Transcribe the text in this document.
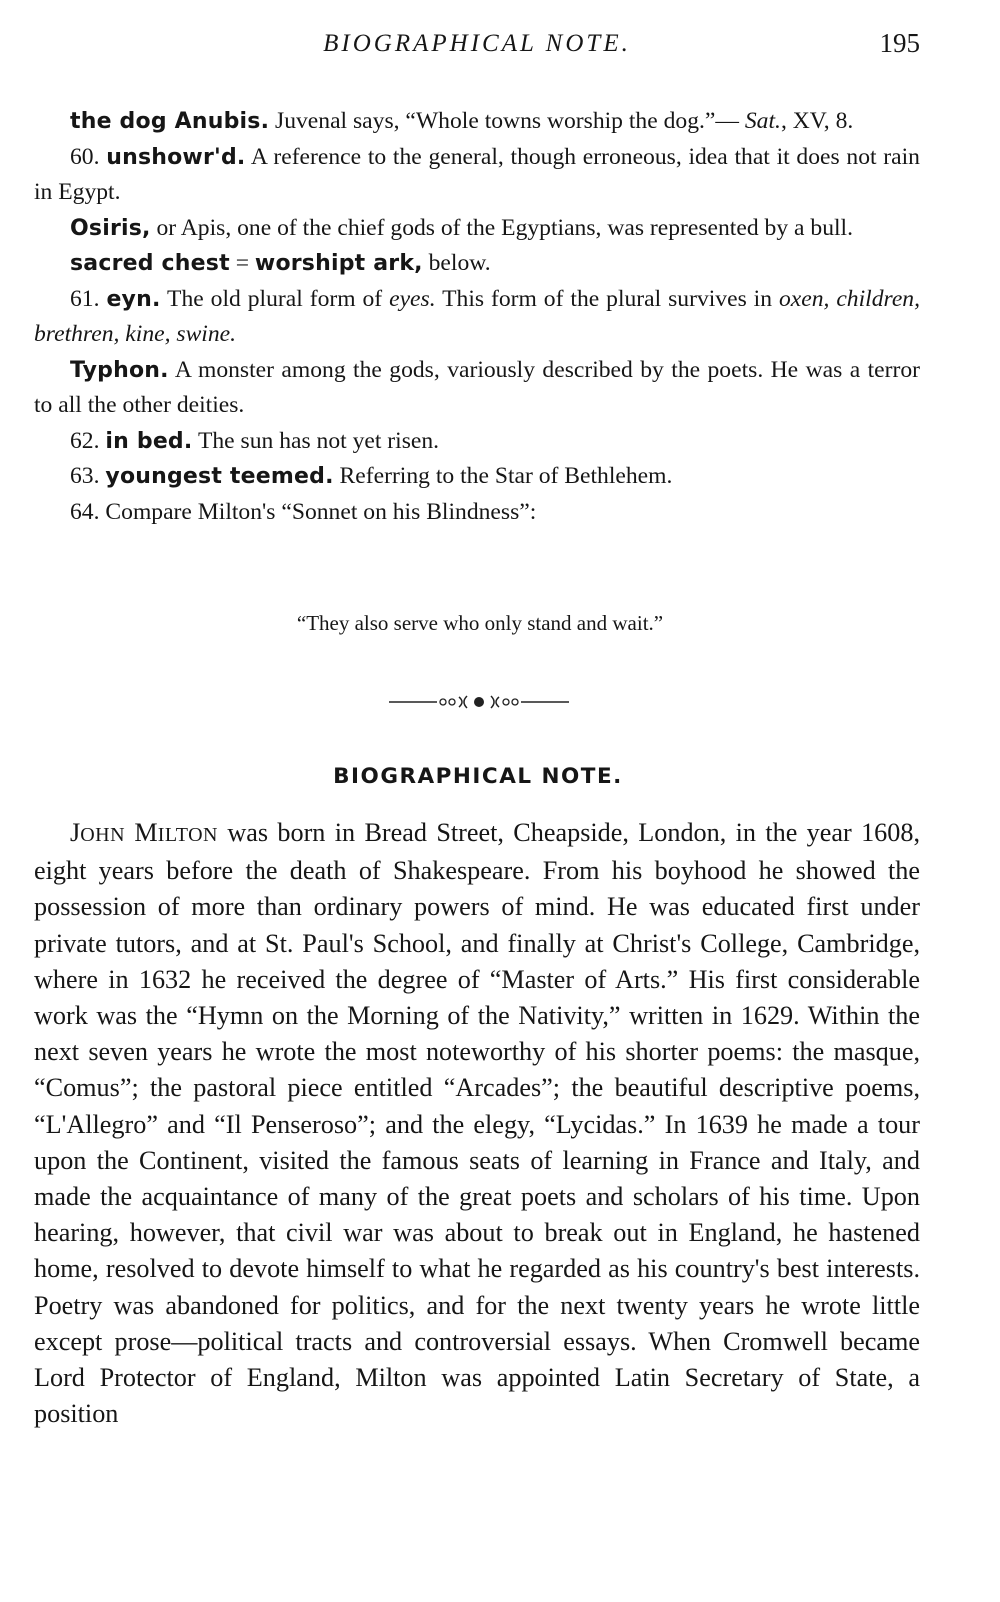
BIOGRAPHICAL NOTE.	195
the dog Anubis. Juvenal says, “Whole towns worship the dog.”— Sat., XV, 8.
60. unshowr'd. A reference to the general, though erroneous, idea that it does not rain in Egypt.
Osiris, or Apis, one of the chief gods of the Egyptians, was represented by a bull.
sacred chest = worshipt ark, below.
61. eyn. The old plural form of eyes. This form of the plural survives in oxen, children, brethren, kine, swine.
Typhon. A monster among the gods, variously described by the poets. He was a terror to all the other deities.
62. in bed. The sun has not yet risen.
63. youngest teemed. Referring to the Star of Bethlehem.
64. Compare Milton's “Sonnet on his Blindness”:
“They also serve who only stand and wait.”
BIOGRAPHICAL NOTE.
JOHN MILTON was born in Bread Street, Cheapside, London, in the year 1608, eight years before the death of Shakespeare. From his boyhood he showed the possession of more than ordinary powers of mind. He was educated first under private tutors, and at St. Paul's School, and finally at Christ's College, Cambridge, where in 1632 he received the degree of “Master of Arts.” His first considerable work was the “Hymn on the Morning of the Nativity,” written in 1629. Within the next seven years he wrote the most noteworthy of his shorter poems: the masque, “Comus”; the pastoral piece entitled “Arcades”; the beautiful descriptive poems, “L'Allegro” and “Il Penseroso”; and the elegy, “Lycidas.” In 1639 he made a tour upon the Continent, visited the famous seats of learning in France and Italy, and made the acquaintance of many of the great poets and scholars of his time. Upon hearing, however, that civil war was about to break out in England, he hastened home, resolved to devote himself to what he regarded as his country's best interests. Poetry was abandoned for politics, and for the next twenty years he wrote little except prose—political tracts and controversial essays. When Cromwell became Lord Protector of England, Milton was appointed Latin Secretary of State, a position
